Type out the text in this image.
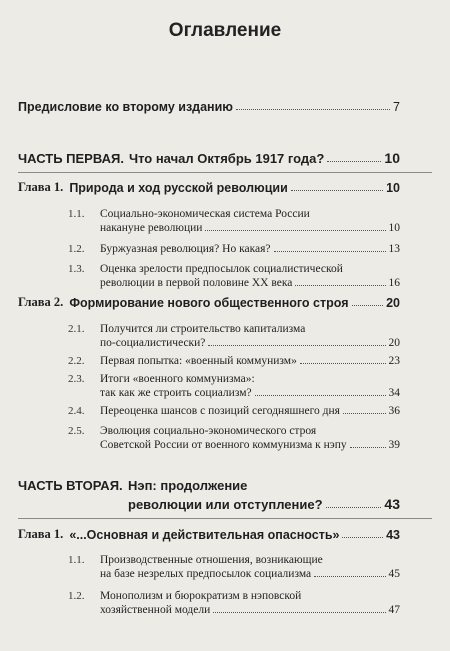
Оглавление
Предисловие ко второму изданию	7
ЧАСТЬ ПЕРВАЯ. Что начал Октябрь 1917 года?	10
Глава 1. Природа и ход русской революции	10
1.1. Социально-экономическая система России
накануне революции	10
1.2.	Буржуазная революция? Но какая?	13
1.3. Оценка зрелости предпосылок социалистической
революции в первой половине XX века	16
Глава 2. Формирование нового общественного строя	20
2.1. Получится ли строительство капитализма
по-социалистически?	20
2.2.	Первая попытка: «военный коммунизм»	23
2.3. Итоги «военного коммунизма»:
так как же строить социализм?	34
2.4.	Переоценка шансов с позиций сегодняшнего дня	36
2.5. Эволюция социально-экономического строя
Советской России от военного коммунизма к нэпу	39
ЧАСТЬ ВТОРАЯ. Нэп: продолжение
революции или отступление?	43
Глава 1. «...Основная и действительная опасность»	43
1.1. Производственные отношения, возникающие
на базе незрелых предпосылок социализма	45
1.2. Монополизм и бюрократизм в нэповской
хозяйственной модели	47
